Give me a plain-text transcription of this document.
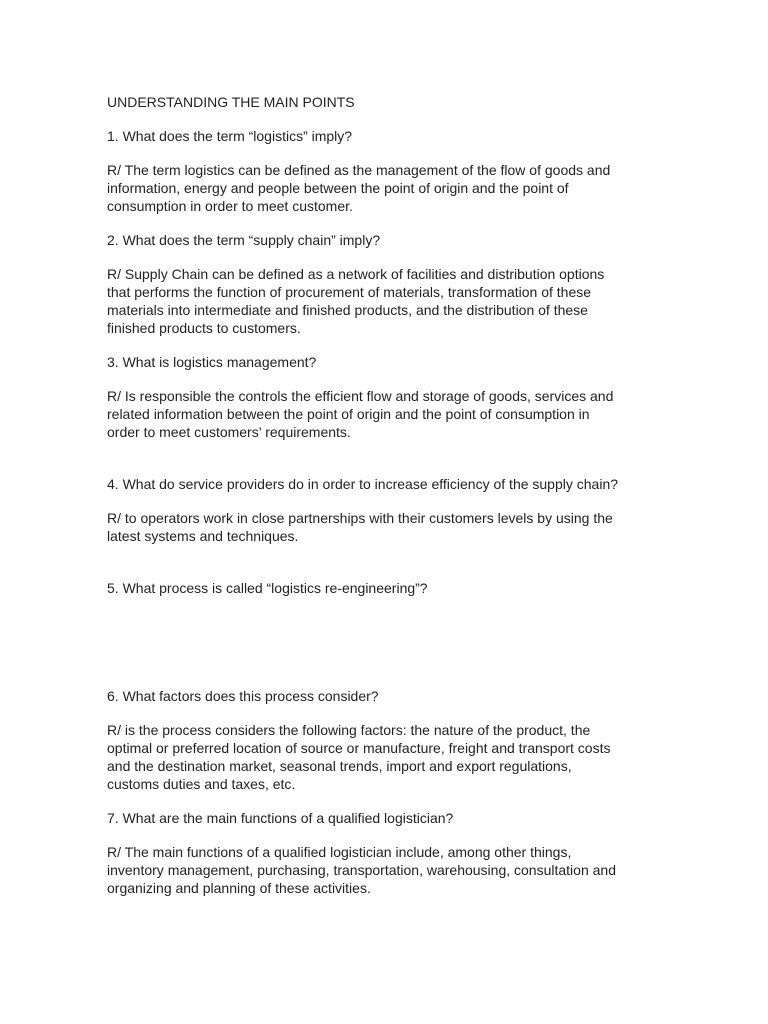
UNDERSTANDING THE MAIN POINTS
1. What does the term “logistics” imply?
R/ The term logistics can be defined as the management of the flow of goods and
information, energy and people between the point of origin and the point of
consumption in order to meet customer.
2. What does the term “supply chain” imply?
R/ Supply Chain can be defined as a network of facilities and distribution options
that performs the function of procurement of materials, transformation of these
materials into intermediate and finished products, and the distribution of these
finished products to customers.
3. What is logistics management?
R/ Is responsible the controls the efficient flow and storage of goods, services and
related information between the point of origin and the point of consumption in
order to meet customers’ requirements.
4. What do service providers do in order to increase efficiency of the supply chain?
R/ to operators work in close partnerships with their customers levels by using the
latest systems and techniques.
5. What process is called “logistics re-engineering”?
6. What factors does this process consider?
R/ is the process considers the following factors: the nature of the product, the
optimal or preferred location of source or manufacture, freight and transport costs
and the destination market, seasonal trends, import and export regulations,
customs duties and taxes, etc.
7. What are the main functions of a qualified logistician?
R/ The main functions of a qualified logistician include, among other things,
inventory management, purchasing, transportation, warehousing, consultation and
organizing and planning of these activities.
